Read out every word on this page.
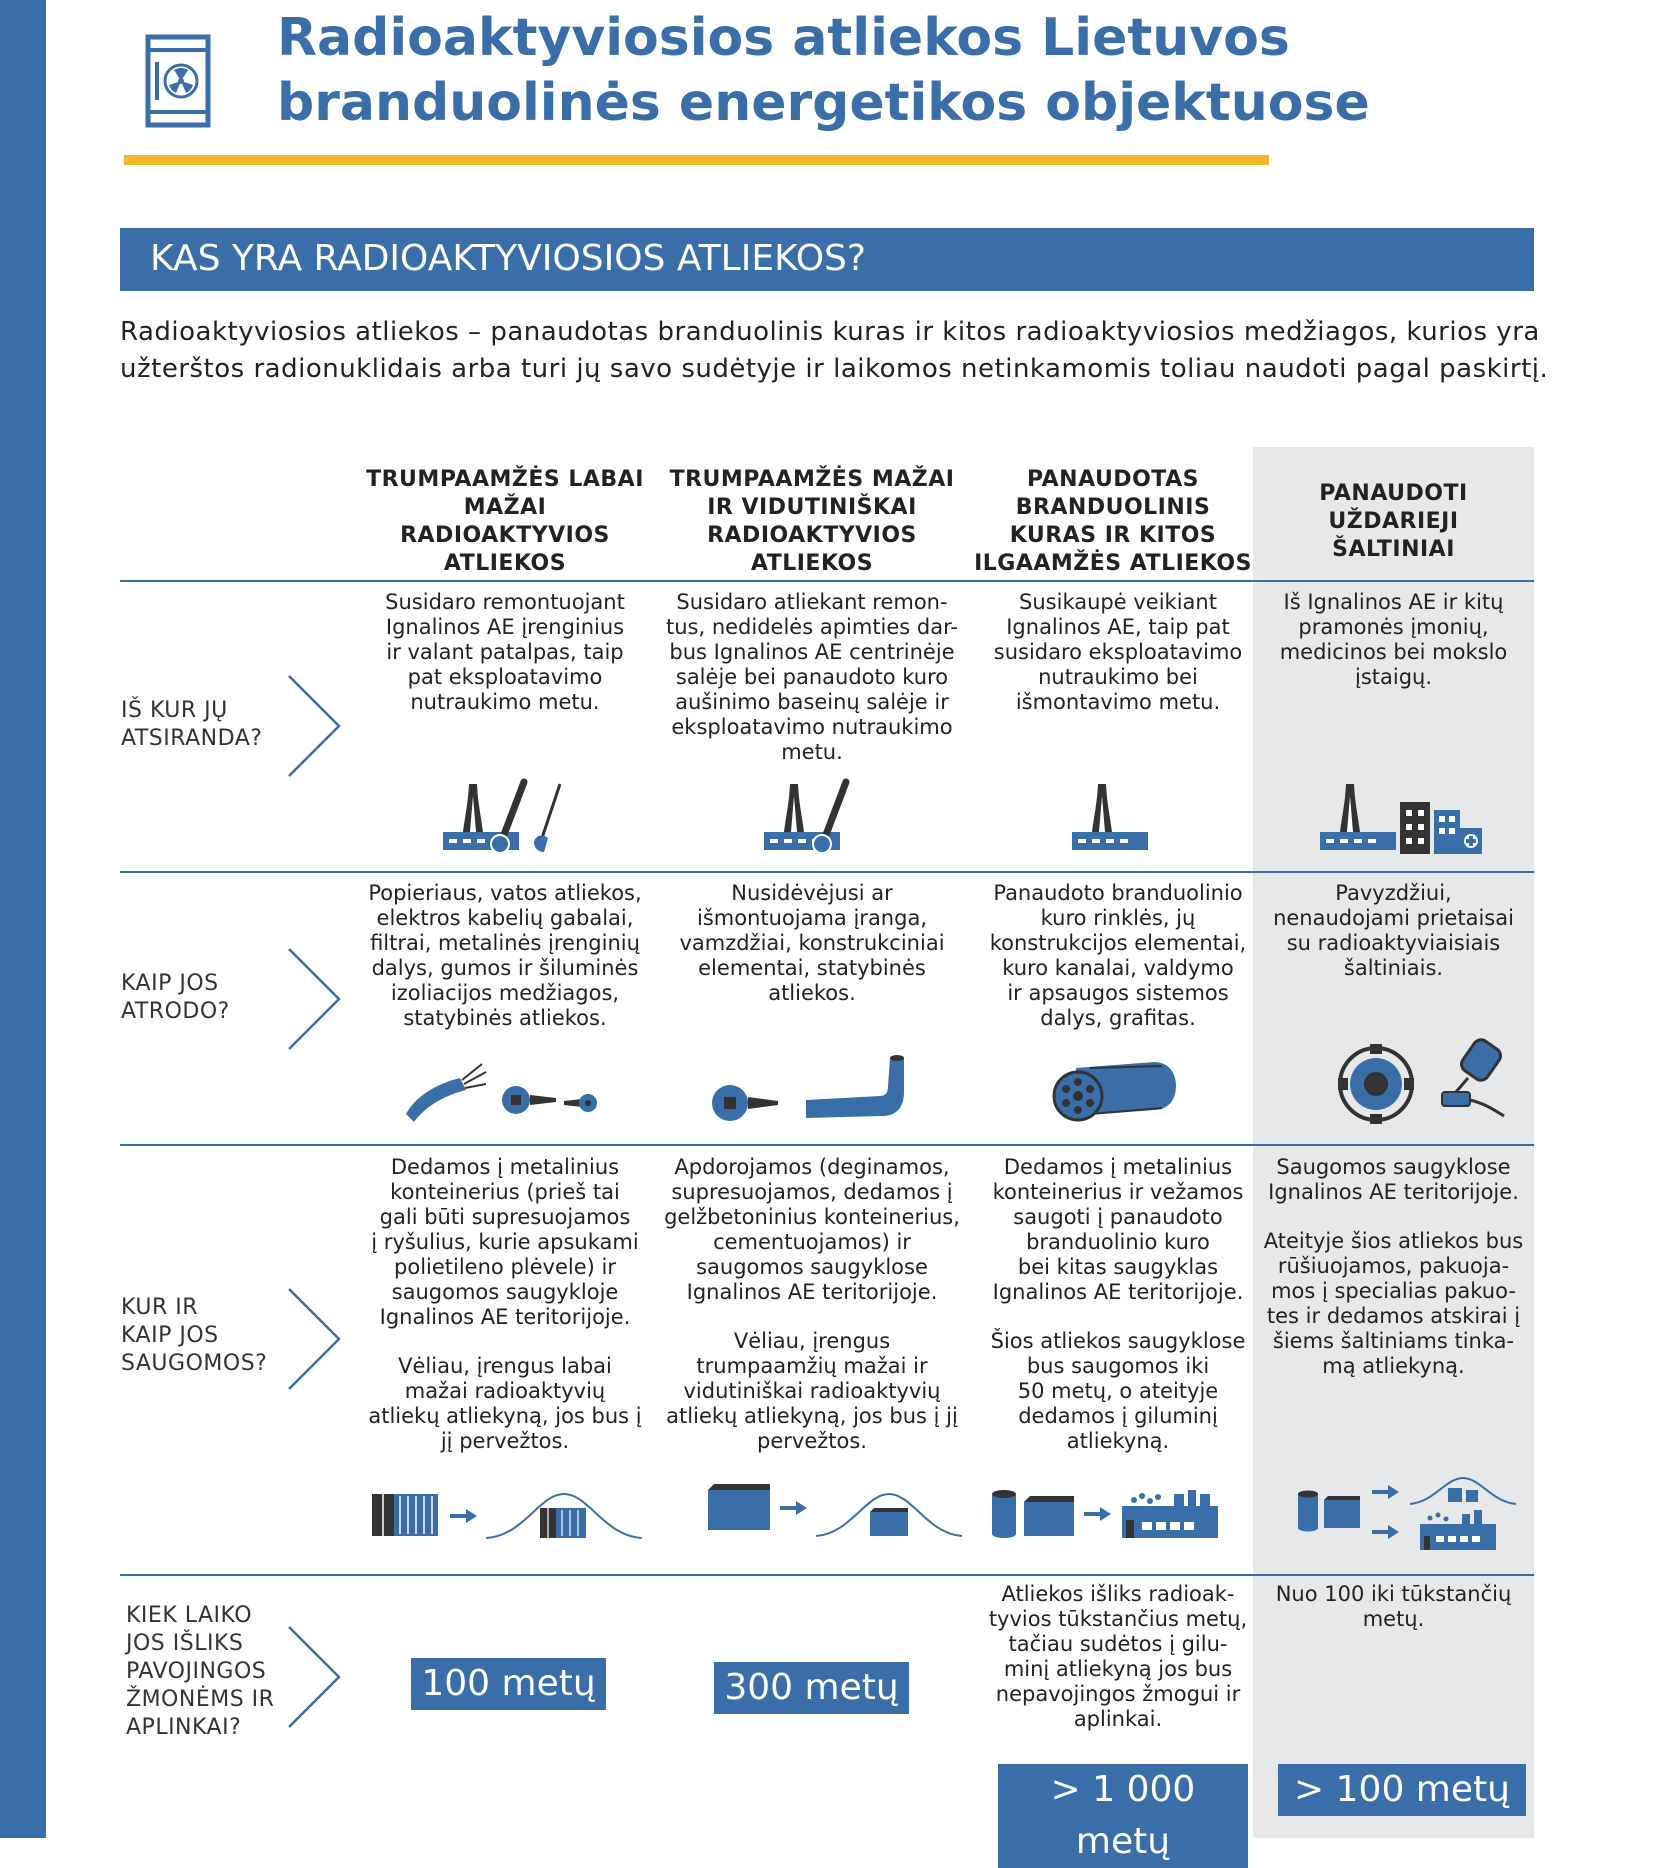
Radioaktyviosios atliekos Lietuvos
branduolinės energetikos objektuose
KAS YRA RADIOAKTYVIOSIOS ATLIEKOS?

Radioaktyviosios atliekos – panaudotas branduolinis kuras ir kitos radioaktyviosios medžiagos, kurios yra
užterštos radionuklidais arba turi jų savo sudėtyje ir laikomos netinkamomis toliau naudoti pagal paskirtį.

TRUMPAAMŽĖS LABAI
MAŽAI
RADIOAKTYVIOS
ATLIEKOS
TRUMPAAMŽĖS MAŽAI
IR VIDUTINIŠKAI
RADIOAKTYVIOS
ATLIEKOS
PANAUDOTAS
BRANDUOLINIS
KURAS IR KITOS
ILGAAMŽĖS ATLIEKOS
PANAUDOTI
UŽDARIEJI
ŠALTINIAI
IŠ KUR JŲ
ATSIRANDA?
KAIP JOS
ATRODO?
KUR IR
KAIP JOS
SAUGOMOS?
KIEK LAIKO
JOS IŠLIKS
PAVOJINGOS
ŽMONĖMS IR
APLINKAI?

Susidaro remontuojant
Ignalinos AE įrenginius
ir valant patalpas, taip
pat eksploatavimo
nutraukimo metu.

Susidaro atliekant remon-
tus, nedidelės apimties dar-
bus Ignalinos AE centrinėje
salėje bei panaudoto kuro
aušinimo baseinų salėje ir
eksploatavimo nutraukimo
metu.

Susikaupė veikiant
Ignalinos AE, taip pat
susidaro eksploatavimo
nutraukimo bei
išmontavimo metu.

Iš Ignalinos AE ir kitų
pramonės įmonių,
medicinos bei mokslo
įstaigų.

Popieriaus, vatos atliekos,
elektros kabelių gabalai,
filtrai, metalinės įrenginių
dalys, gumos ir šiluminės
izoliacijos medžiagos,
statybinės atliekos.

Nusidėvėjusi ar
išmontuojama įranga,
vamzdžiai, konstrukciniai
elementai, statybinės
atliekos.

Panaudoto branduolinio
kuro rinklės, jų
konstrukcijos elementai,
kuro kanalai, valdymo
ir apsaugos sistemos
dalys, grafitas.

Pavyzdžiui,
nenaudojami prietaisai
su radioaktyviaisiais
šaltiniais.

Dedamos į metalinius
konteinerius (prieš tai
gali būti supresuojamos
į ryšulius, kurie apsukami
polietileno plėvele) ir
saugomos saugykloje
Ignalinos AE teritorijoje.

Vėliau, įrengus labai
mažai radioaktyvių
atliekų atliekyną, jos bus į
jį pervežtos.

Apdorojamos (deginamos,
supresuojamos, dedamos į
gelžbetoninius konteinerius,
cementuojamos) ir
saugomos saugyklose
Ignalinos AE teritorijoje.

Vėliau, įrengus
trumpaamžių mažai ir
vidutiniškai radioaktyvių
atliekų atliekyną, jos bus į jį
pervežtos.

Dedamos į metalinius
konteinerius ir vežamos
saugoti į panaudoto
branduolinio kuro
bei kitas saugyklas
Ignalinos AE teritorijoje.

Šios atliekos saugyklose
bus saugomos iki
50 metų, o ateityje
dedamos į giluminį
atliekyną.

Saugomos saugyklose
Ignalinos AE teritorijoje.

Ateityje šios atliekos bus
rūšiuojamos, pakuoja-
mos į specialias pakuo-
tes ir dedamos atskirai į
šiems šaltiniams tinka-
mą atliekyną.

Atliekos išliks radioak-
tyvios tūkstančius metų,
tačiau sudėtos į gilu-
minį atliekyną jos bus
nepavojingos žmogui ir
aplinkai.

Nuo 100 iki tūkstančių
metų.

100 metų	300 metų
> 1 000 metų
> 100 metų
